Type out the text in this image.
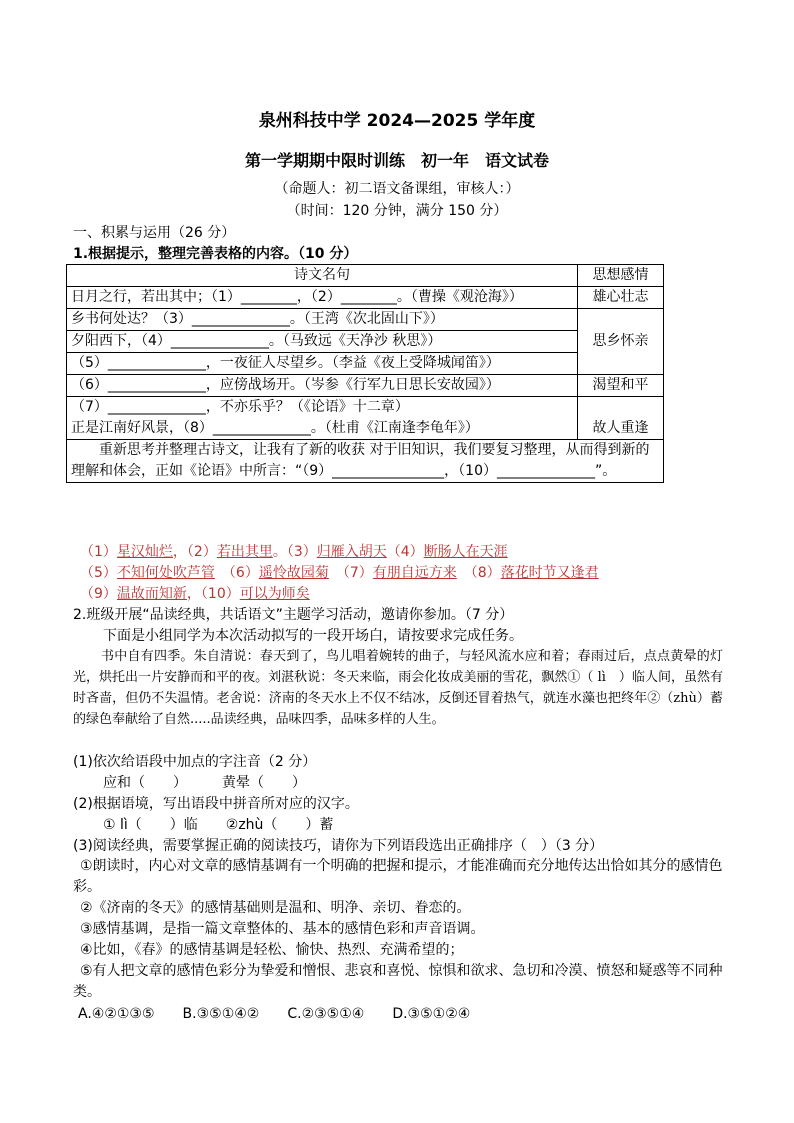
泉州科技中学 2024—2025 学年度
第一学期期中限时训练　初一年　语文试卷
（命题人：初二语文备课组，审核人：）
（时间：120 分钟，满分 150 分）
一、积累与运用（26 分）
1.根据提示，整理完善表格的内容。（10 分）
诗文名句	思想感情
日月之行，若出其中；（1）________，（2）________。（曹操《观沧海》）	雄心壮志

乡书何处达？（3）______________。（王湾《次北固山下》）
夕阳西下，（4）______________。（马致远《天净沙 秋思》）
（5）______________，一夜征人尽望乡。（李益《夜上受降城闻笛》）	思乡怀亲
（6）______________，应傍战场开。（岑参《行军九日思长安故园》）	渴望和平

（7）______________，不亦乐乎？（《论语》十二章）
正是江南好风景，（8）______________。（杜甫《江南逢李龟年》）	故人重逢
重新思考并整理古诗文，让我有了新的收获 对于旧知识，我们要复习整理，从而得到新的理解和体会，正如《论语》中所言：“（9）________________，（10）______________”。	
（1）星汉灿烂，（2）若出其里。（3）归雁入胡天（4）断肠人在天涯
（5）不知何处吹芦管　 （6）遥怜故园菊　 （7）有朋自远方来　 （8）落花时节又逢君
（9）温故而知新，（10）可以为师矣
2.班级开展“品读经典，共话语文”主题学习活动，邀请你参加。（7 分）
下面是小组同学为本次活动拟写的一段开场白，请按要求完成任务。
书中自有四季。朱自清说：春天到了，鸟儿唱着婉转的曲子，与轻风流水应和着；春雨过后，点点黄晕的灯光，烘托出一片安静而和平的夜。刘湛秋说：冬天来临，雨会化妆成美丽的雪花，飘然①（ lì　）临人间，虽然有时吝啬，但仍不失温情。老舍说：济南的冬天水上不仅不结冰，反倒还冒着热气，就连水藻也把终年②（zhù）蓄的绿色奉献给了自然.....品读经典，品味四季，品味多样的人生。
(1)依次给语段中加点的字注音（2 分）
应和（　　）　　　黄晕（　　）
(2)根据语境，写出语段中拼音所对应的汉字。
① lì（　　）临　　②zhù（　　）蓄
(3)阅读经典，需要掌握正确的阅读技巧，请你为下列语段选出正确排序（　）（3 分）
①朗读时，内心对文章的感情基调有一个明确的把握和提示，才能准确而充分地传达出恰如其分的感情色彩。
②《济南的冬天》的感情基础则是温和、明净、亲切、眷恋的。
③感情基调，是指一篇文章整体的、基本的感情色彩和声音语调。
④比如，《春》的感情基调是轻松、愉快、热烈、充满希望的；
⑤有人把文章的感情色彩分为挚爱和憎恨、悲哀和喜悦、惊惧和欲求、急切和冷漠、愤怒和疑惑等不同种类。
A.④②①③⑤　　B.③⑤①④②　　C.②③⑤①④　　D.③⑤①②④
